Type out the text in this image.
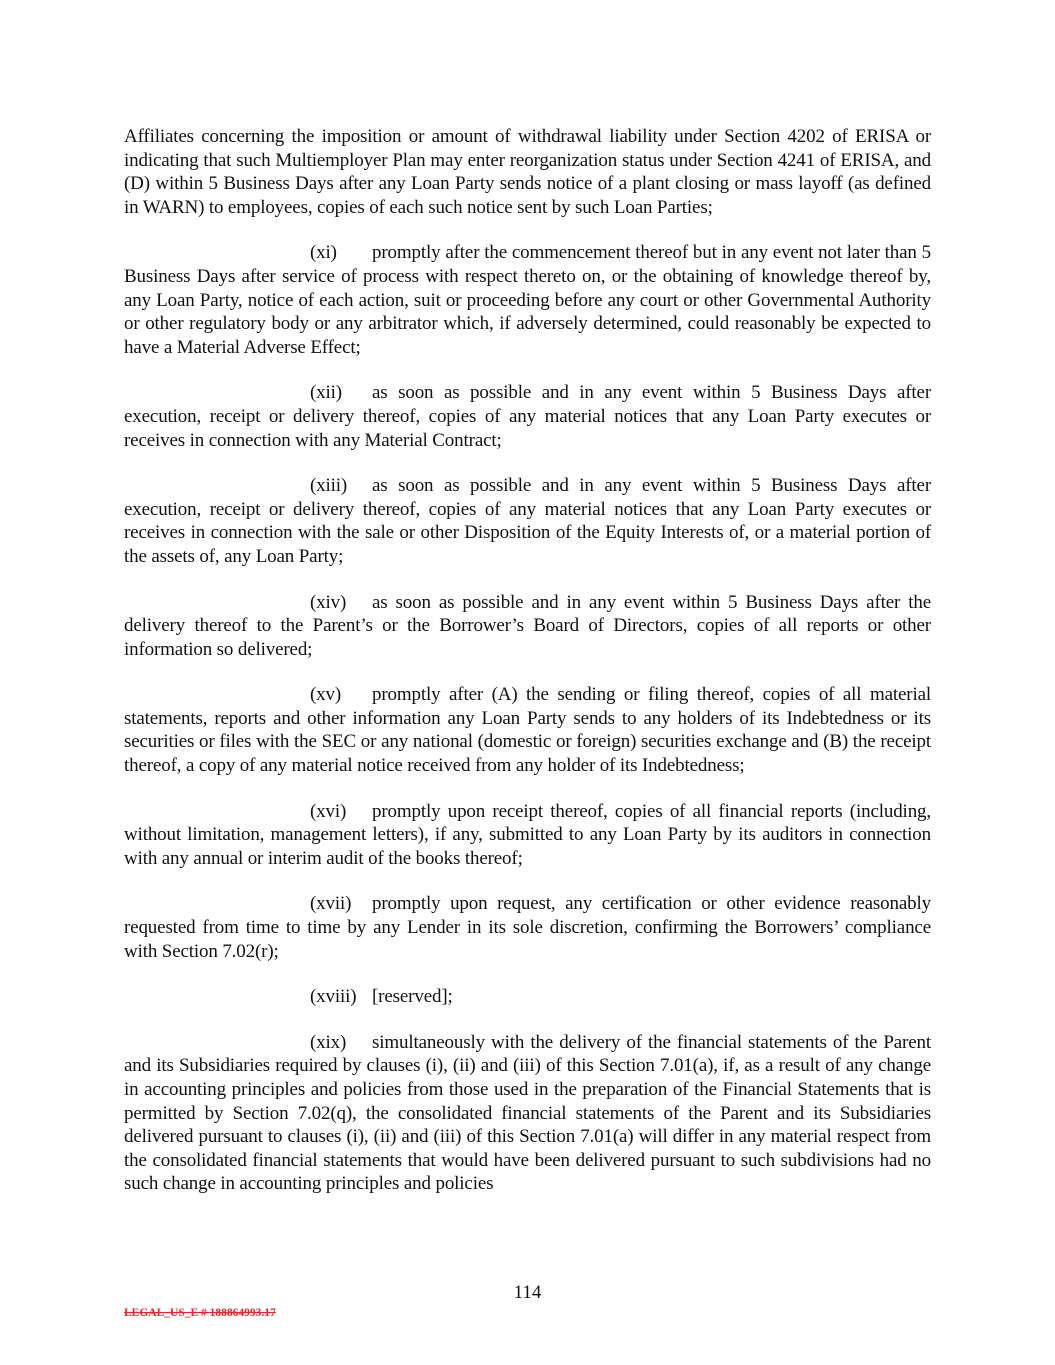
Affiliates concerning the imposition or amount of withdrawal liability under Section 4202 of ERISA or indicating that such Multiemployer Plan may enter reorganization status under Section 4241 of ERISA, and (D) within 5 Business Days after any Loan Party sends notice of a plant closing or mass layoff (as defined in WARN) to employees, copies of each such notice sent by such Loan Parties;

(xi) promptly after the commencement thereof but in any event not later than 5 Business Days after service of process with respect thereto on, or the obtaining of knowledge thereof by, any Loan Party, notice of each action, suit or proceeding before any court or other Governmental Authority or other regulatory body or any arbitrator which, if adversely determined, could reasonably be expected to have a Material Adverse Effect;

(xii) as soon as possible and in any event within 5 Business Days after execution, receipt or delivery thereof, copies of any material notices that any Loan Party executes or receives in connection with any Material Contract;

(xiii) as soon as possible and in any event within 5 Business Days after execution, receipt or delivery thereof, copies of any material notices that any Loan Party executes or receives in connection with the sale or other Disposition of the Equity Interests of, or a material portion of the assets of, any Loan Party;

(xiv) as soon as possible and in any event within 5 Business Days after the delivery thereof to the Parent’s or the Borrower’s Board of Directors, copies of all reports or other information so delivered;

(xv) promptly after (A) the sending or filing thereof, copies of all material statements, reports and other information any Loan Party sends to any holders of its Indebtedness or its securities or files with the SEC or any national (domestic or foreign) securities exchange and (B) the receipt thereof, a copy of any material notice received from any holder of its Indebtedness;

(xvi) promptly upon receipt thereof, copies of all financial reports (including, without limitation, management letters), if any, submitted to any Loan Party by its auditors in connection with any annual or interim audit of the books thereof;

(xvii) promptly upon request, any certification or other evidence reasonably requested from time to time by any Lender in its sole discretion, confirming the Borrowers’ compliance with Section 7.02(r);

(xviii) [reserved];

(xix) simultaneously with the delivery of the financial statements of the Parent and its Subsidiaries required by clauses (i), (ii) and (iii) of this Section 7.01(a), if, as a result of any change in accounting principles and policies from those used in the preparation of the Financial Statements that is permitted by Section 7.02(q), the consolidated financial statements of the Parent and its Subsidiaries delivered pursuant to clauses (i), (ii) and (iii) of this Section 7.01(a) will differ in any material respect from the consolidated financial statements that would have been delivered pursuant to such subdivisions had no such change in accounting principles and policies

114
LEGAL_US_E # 188864993.17
